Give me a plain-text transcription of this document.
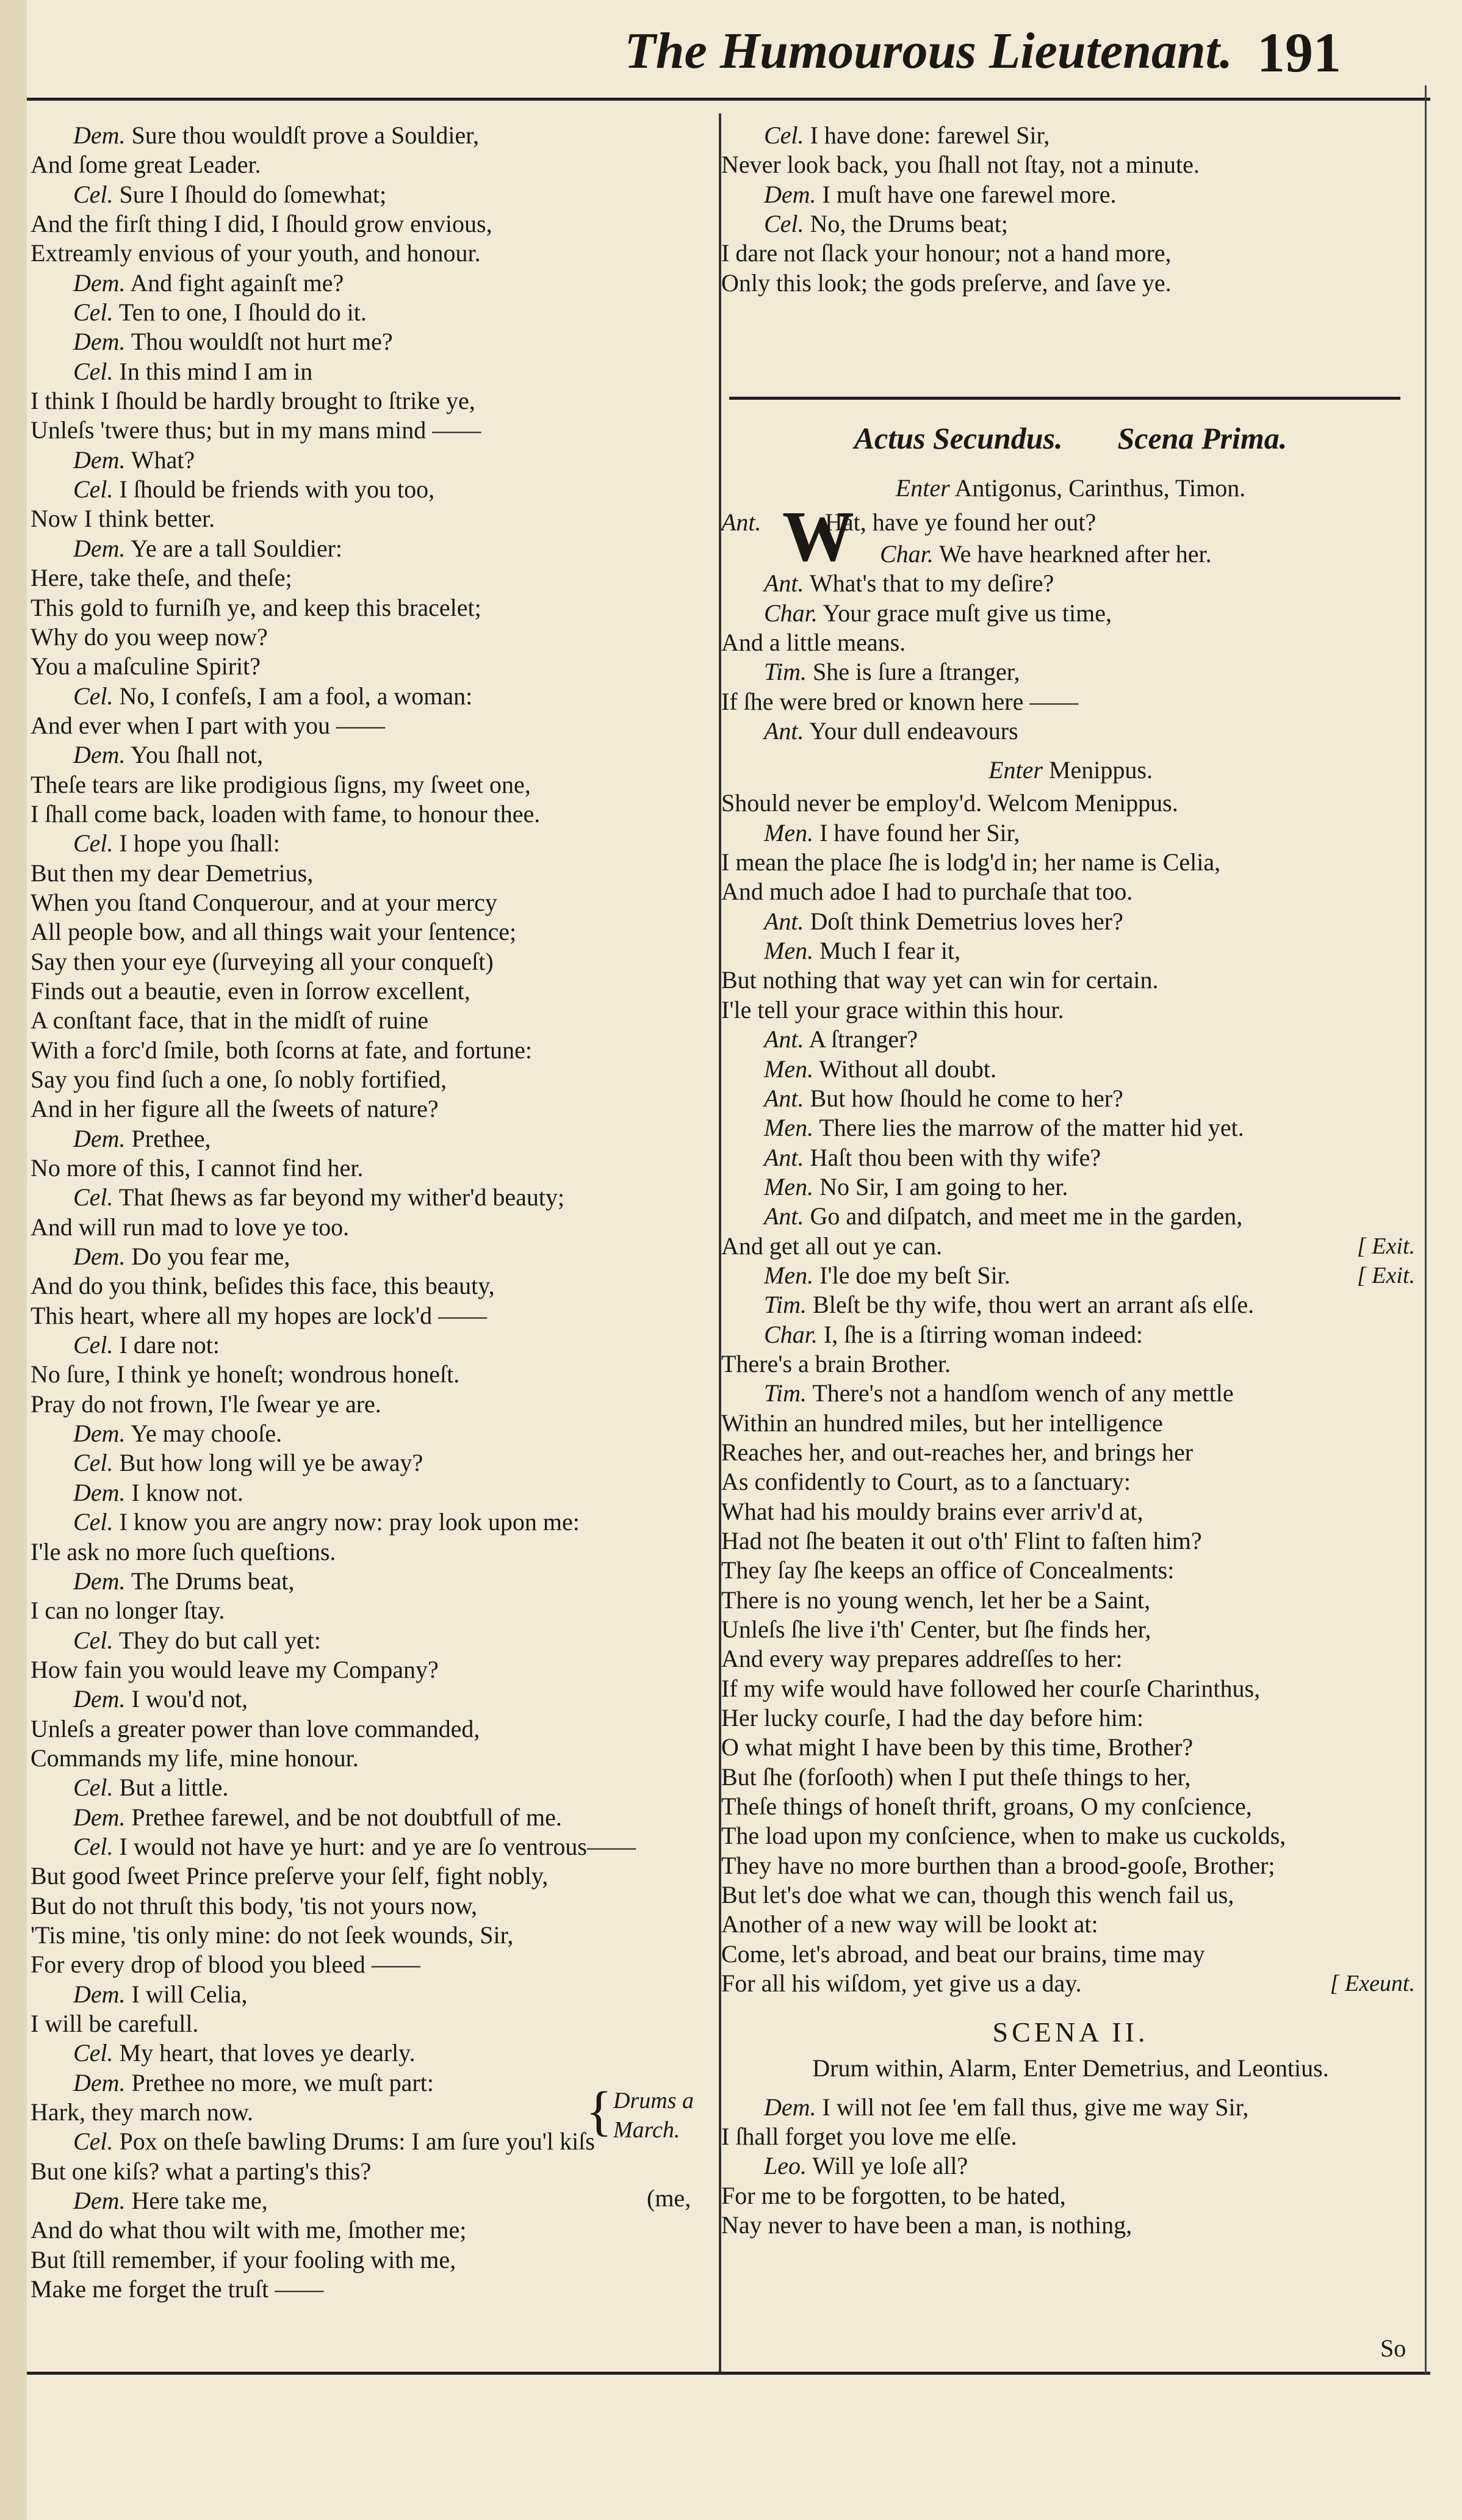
The Humourous Lieutenant. 191
Dem. Sure thou wouldſt prove a Souldier,
And ſome great Leader.
Cel. Sure I ſhould do ſomewhat;
And the firſt thing I did, I ſhould grow envious,
Extreamly envious of your youth, and honour.
Dem. And fight againſt me?
Cel. Ten to one, I ſhould do it.
Dem. Thou wouldſt not hurt me?
Cel. In this mind I am in
I think I ſhould be hardly brought to ſtrike ye,
Unleſs 'twere thus; but in my mans mind ——
Dem. What?
Cel. I ſhould be friends with you too,
Now I think better.
Dem. Ye are a tall Souldier:
Here, take theſe, and theſe;
This gold to furniſh ye, and keep this bracelet;
Why do you weep now?
You a maſculine Spirit?
Cel. No, I confeſs, I am a fool, a woman:
And ever when I part with you ——
Dem. You ſhall not,
Theſe tears are like prodigious ſigns, my ſweet one,
I ſhall come back, loaden with fame, to honour thee.
Cel. I hope you ſhall:
But then my dear Demetrius,
When you ſtand Conquerour, and at your mercy
All people bow, and all things wait your ſentence;
Say then your eye (ſurveying all your conqueſt)
Finds out a beautie, even in ſorrow excellent,
A conſtant face, that in the midſt of ruine
With a forc'd ſmile, both ſcorns at fate, and fortune:
Say you find ſuch a one, ſo nobly fortified,
And in her figure all the ſweets of nature?
Dem. Prethee,
No more of this, I cannot find her.
Cel. That ſhews as far beyond my wither'd beauty;
And will run mad to love ye too.
Dem. Do you fear me,
And do you think, beſides this face, this beauty,
This heart, where all my hopes are lock'd ——
Cel. I dare not:
No ſure, I think ye honeſt; wondrous honeſt.
Pray do not frown, I'le ſwear ye are.
Dem. Ye may chooſe.
Cel. But how long will ye be away?
Dem. I know not.
Cel. I know you are angry now: pray look upon me:
I'le ask no more ſuch queſtions.
Dem. The Drums beat,
I can no longer ſtay.
Cel. They do but call yet:
How fain you would leave my Company?
Dem. I wou'd not,
Unleſs a greater power than love commanded,
Commands my life, mine honour.
Cel. But a little.
Dem. Prethee farewel, and be not doubtfull of me.
Cel. I would not have ye hurt: and ye are ſo ventrous——
But good ſweet Prince preſerve your ſelf, fight nobly,
But do not thruſt this body, 'tis not yours now,
'Tis mine, 'tis only mine: do not ſeek wounds, Sir,
For every drop of blood you bleed ——
Dem. I will Celia,
I will be carefull.
Cel. My heart, that loves ye dearly.
Dem. Prethee no more, we muſt part:
Hark, they march now.
Cel. Pox on theſe bawling Drums: I am ſure you'l kiſs
But one kiſs? what a parting's this?
Dem. Here take me,
And do what thou wilt with me, ſmother me;
But ſtill remember, if your fooling with me,
Make me forget the truſt ——
{ Drums a
March.
(me,
Cel. I have done: farewel Sir,
Never look back, you ſhall not ſtay, not a minute.
Dem. I muſt have one farewel more.
Cel. No, the Drums beat;
I dare not ſlack your honour; not a hand more,
Only this look; the gods preſerve, and ſave ye.
Actus Secundus. Scena Prima.
Enter Antigonus, Carinthus, Timon.
Ant. W
Hat, have ye found her out?
Char. We have hearkned after her.
Ant. What's that to my deſire?
Char. Your grace muſt give us time,
And a little means.
Tim. She is ſure a ſtranger,
If ſhe were bred or known here ——
Ant. Your dull endeavours
Enter Menippus.
Should never be employ'd. Welcom Menippus.
Men. I have found her Sir,
I mean the place ſhe is lodg'd in; her name is Celia,
And much adoe I had to purchaſe that too.
Ant. Doſt think Demetrius loves her?
Men. Much I fear it,
But nothing that way yet can win for certain.
I'le tell your grace within this hour.
Ant. A ſtranger?
Men. Without all doubt.
Ant. But how ſhould he come to her?
Men. There lies the marrow of the matter hid yet.
Ant. Haſt thou been with thy wife?
Men. No Sir, I am going to her.
Ant. Go and diſpatch, and meet me in the garden,
And get all out ye can.	[ Exit.
Men. I'le doe my beſt Sir.	[ Exit.
Tim. Bleſt be thy wife, thou wert an arrant aſs elſe.
Char. I, ſhe is a ſtirring woman indeed:
There's a brain Brother.
Tim. There's not a handſom wench of any mettle
Within an hundred miles, but her intelligence
Reaches her, and out-reaches her, and brings her
As confidently to Court, as to a ſanctuary:
What had his mouldy brains ever arriv'd at,
Had not ſhe beaten it out o'th' Flint to faſten him?
They ſay ſhe keeps an office of Concealments:
There is no young wench, let her be a Saint,
Unleſs ſhe live i'th' Center, but ſhe finds her,
And every way prepares addreſſes to her:
If my wife would have followed her courſe Charinthus,
Her lucky courſe, I had the day before him:
O what might I have been by this time, Brother?
But ſhe (forſooth) when I put theſe things to her,
Theſe things of honeſt thrift, groans, O my conſcience,
The load upon my conſcience, when to make us cuckolds,
They have no more burthen than a brood-gooſe, Brother;
But let's doe what we can, though this wench fail us,
Another of a new way will be lookt at:
Come, let's abroad, and beat our brains, time may
For all his wiſdom, yet give us a day.	[ Exeunt.
SCENA II.
Drum within, Alarm, Enter Demetrius, and Leontius.
Dem. I will not ſee 'em fall thus, give me way Sir,
I ſhall forget you love me elſe.
Leo. Will ye loſe all?
For me to be forgotten, to be hated,
Nay never to have been a man, is nothing,
So
